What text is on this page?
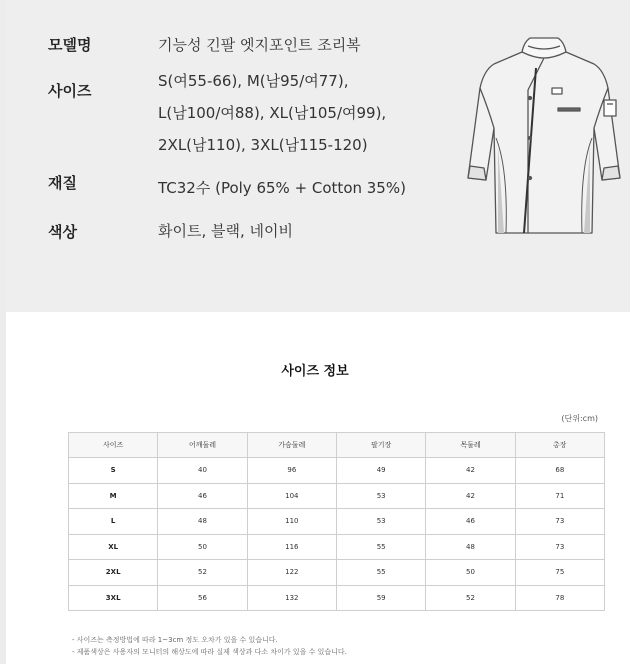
모델명	기능성 긴팔 엣지포인트 조리복
사이즈
S(여55-66), M(남95/여77),
L(남100/여88), XL(남105/여99),
2XL(남110), 3XL(남115-120)
재질	TC32수 (Poly 65% + Cotton 35%)
색상	화이트, 블랙, 네이비
사이즈 정보
(단위:cm)
사이즈	어깨둘레	가슴둘레	팔기장	목둘레	총장
S	40	96	49	42	68
M	46	104	53	42	71
L	48	110	53	46	73
XL	50	116	55	48	73
2XL	52	122	55	50	75
3XL	56	132	59	52	78
- 사이즈는 측정방법에 따라 1~3cm 정도 오차가 있을 수 있습니다.
- 제품색상은 사용자의 모니터의 해상도에 따라 실제 색상과 다소 차이가 있을 수 있습니다.
